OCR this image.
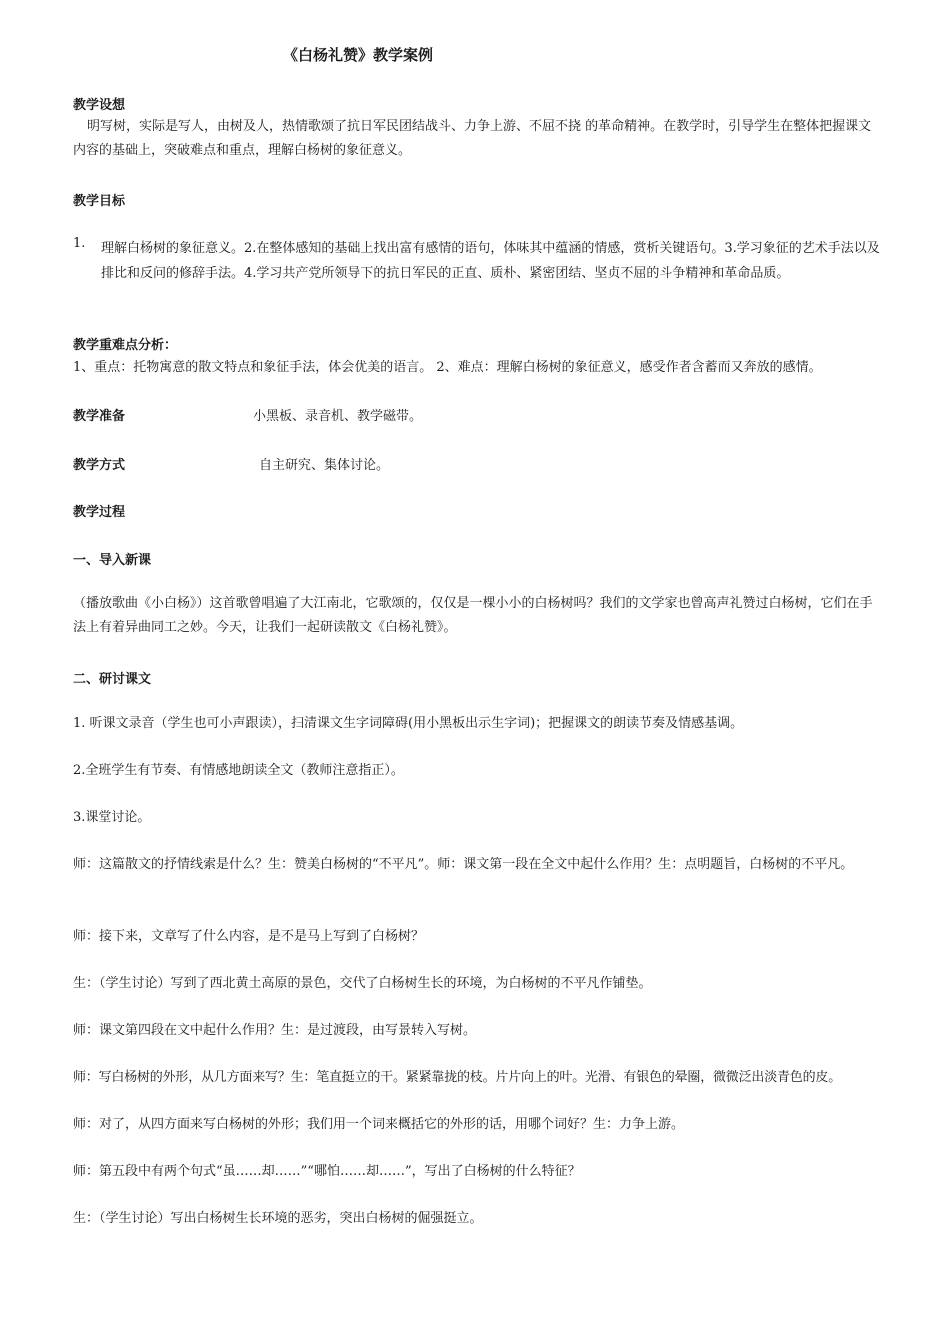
《白杨礼赞》教学案例
教学设想
明写树，实际是写人，由树及人，热情歌颂了抗日军民团结战斗、力争上游、不屈不挠 的革命精神。在教学时，引导学生在整体把握课文内容的基础上，突破难点和重点，理解白杨树的象征意义。
教学目标
1. 理解白杨树的象征意义。2.在整体感知的基础上找出富有感情的语句，体味其中蕴涵的情感，赏析关键语句。3.学习象征的艺术手法以及排比和反问的修辞手法。4.学习共产党所领导下的抗日军民的正直、质朴、紧密团结、坚贞不屈的斗争精神和革命品质。
教学重难点分析：
1、重点：托物寓意的散文特点和象征手法，体会优美的语言。 2、难点：理解白杨树的象征意义，感受作者含蓄而又奔放的感情。
教学准备	小黑板、录音机、教学磁带。
教学方式	自主研究、集体讨论。
教学过程
一、导入新课
（播放歌曲《小白杨》）这首歌曾唱遍了大江南北，它歌颂的，仅仅是一棵小小的白杨树吗？我们的文学家也曾高声礼赞过白杨树，它们在手法上有着异曲同工之妙。今天，让我们一起研读散文《白杨礼赞》。
二、研讨课文
1. 听课文录音（学生也可小声跟读），扫清课文生字词障碍(用小黑板出示生字词)；把握课文的朗读节奏及情感基调。
2.全班学生有节奏、有情感地朗读全文（教师注意指正）。
3.课堂讨论。
师：这篇散文的抒情线索是什么？生：赞美白杨树的“不平凡”。师：课文第一段在全文中起什么作用？生：点明题旨，白杨树的不平凡。
师：接下来，文章写了什么内容，是不是马上写到了白杨树？
生：（学生讨论）写到了西北黄土高原的景色，交代了白杨树生长的环境，为白杨树的不平凡作铺垫。
师：课文第四段在文中起什么作用？生：是过渡段，由写景转入写树。
师：写白杨树的外形，从几方面来写？生：笔直挺立的干。紧紧靠拢的枝。片片向上的叶。光滑、有银色的晕圈，微微泛出淡青色的皮。
师：对了，从四方面来写白杨树的外形；我们用一个词来概括它的外形的话，用哪个词好？生：力争上游。
师：第五段中有两个句式“虽……却……”“哪怕……却……”，写出了白杨树的什么特征？
生：（学生讨论）写出白杨树生长环境的恶劣，突出白杨树的倔强挺立。
